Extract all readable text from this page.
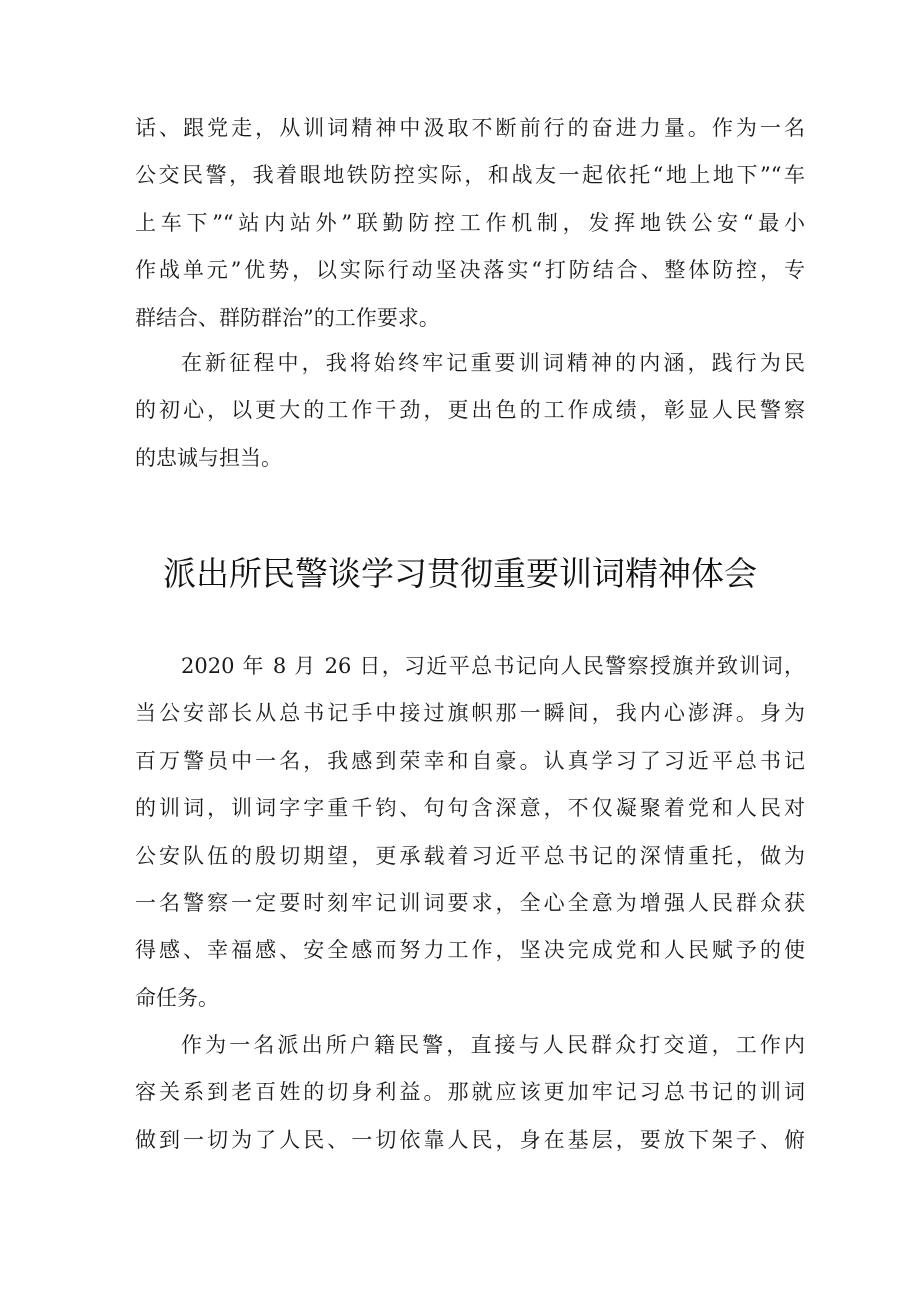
话、跟党走，从训词精神中汲取不断前行的奋进力量。作为一名
公交民警，我着眼地铁防控实际，和战友一起依托“地上地下”“车
上车下”“站内站外”联勤防控工作机制，发挥地铁公安“最小
作战单元”优势，以实际行动坚决落实“打防结合、整体防控，专
群结合、群防群治”的工作要求。
在新征程中，我将始终牢记重要训词精神的内涵，践行为民
的初心，以更大的工作干劲，更出色的工作成绩，彰显人民警察
的忠诚与担当。
派出所民警谈学习贯彻重要训词精神体会
2020 年 8 月 26 日，习近平总书记向人民警察授旗并致训词，
当公安部长从总书记手中接过旗帜那一瞬间，我内心澎湃。身为
百万警员中一名，我感到荣幸和自豪。认真学习了习近平总书记
的训词，训词字字重千钧、句句含深意，不仅凝聚着党和人民对
公安队伍的殷切期望，更承载着习近平总书记的深情重托，做为
一名警察一定要时刻牢记训词要求，全心全意为增强人民群众获
得感、幸福感、安全感而努力工作，坚决完成党和人民赋予的使
命任务。
作为一名派出所户籍民警，直接与人民群众打交道，工作内
容关系到老百姓的切身利益。那就应该更加牢记习总书记的训词
做到一切为了人民、一切依靠人民，身在基层，要放下架子、俯
